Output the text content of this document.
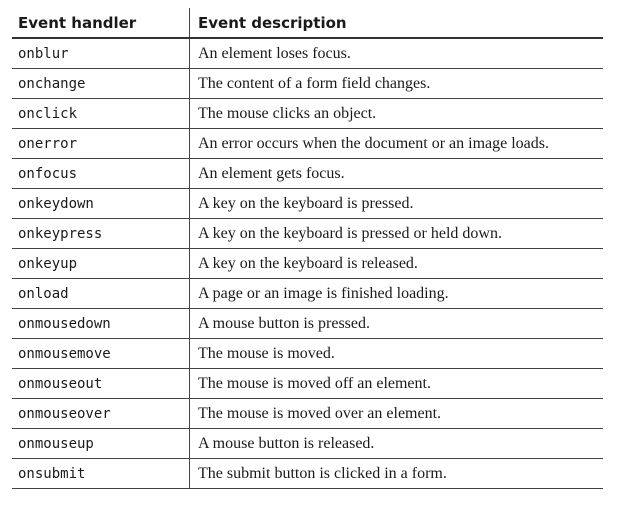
Event handler	Event description
onblur	An element loses focus.
onchange	The content of a form field changes.
onclick	The mouse clicks an object.
onerror	An error occurs when the document or an image loads.
onfocus	An element gets focus.
onkeydown	A key on the keyboard is pressed.
onkeypress	A key on the keyboard is pressed or held down.
onkeyup	A key on the keyboard is released.
onload	A page or an image is finished loading.
onmousedown	A mouse button is pressed.
onmousemove	The mouse is moved.
onmouseout	The mouse is moved off an element.
onmouseover	The mouse is moved over an element.
onmouseup	A mouse button is released.
onsubmit	The submit button is clicked in a form.
